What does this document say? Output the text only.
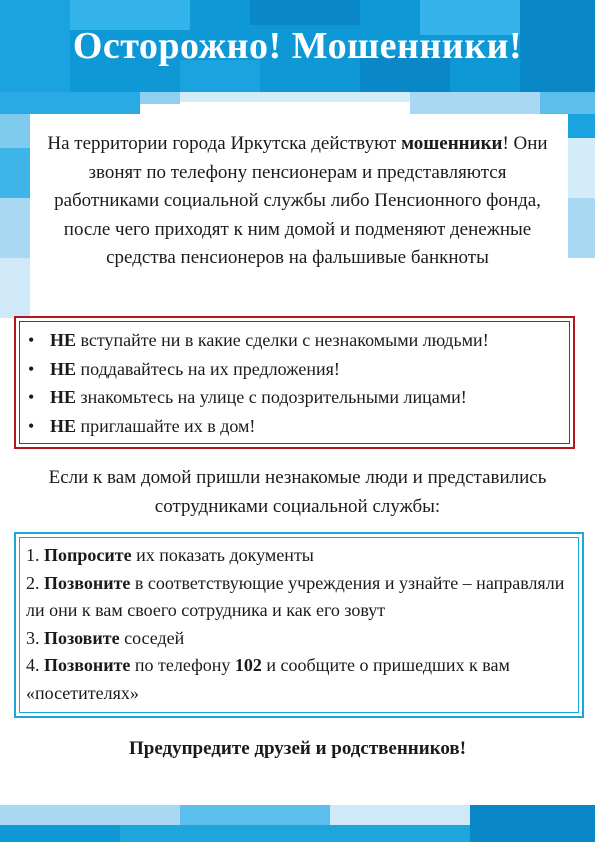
Осторожно! Мошенники!
На территории города Иркутска действуют мошенники! Они звонят по телефону пенсионерам и представляются работниками социальной службы либо Пенсионного фонда, после чего приходят к ним домой и подменяют денежные средства пенсионеров на фальшивые банкноты
• НЕ вступайте ни в какие сделки с незнакомыми людьми!
• НЕ поддавайтесь на их предложения!
• НЕ знакомьтесь на улице с подозрительными лицами!
• НЕ приглашайте их в дом!
Если к вам домой пришли незнакомые люди и представились сотрудниками социальной службы:
1. Попросите их показать документы
2. Позвоните в соответствующие учреждения и узнайте – направляли ли они к вам своего сотрудника и как его зовут
3. Позовите соседей
4. Позвоните по телефону 102 и сообщите о пришедших к вам «посетителях»
Предупредите друзей и родственников!
